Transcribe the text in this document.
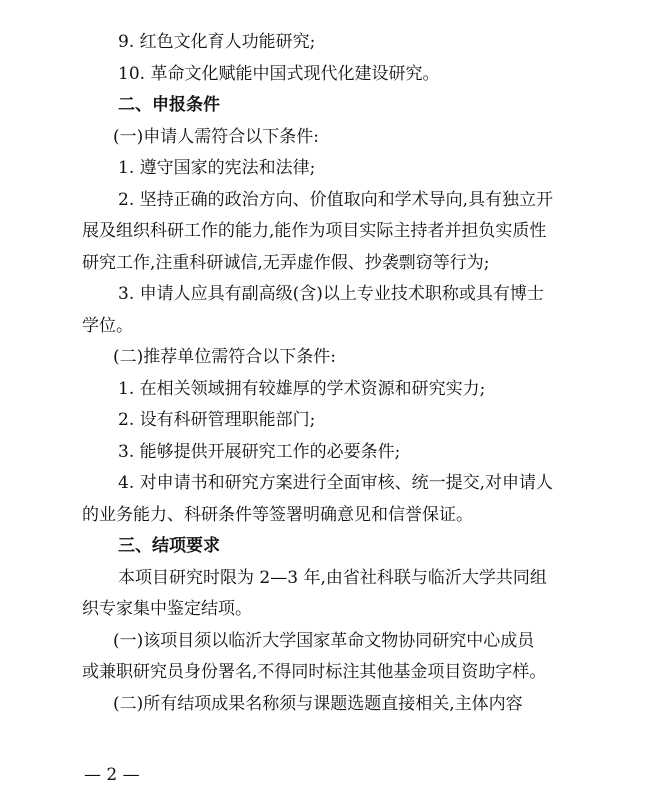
9. 红色文化育人功能研究;
10. 革命文化赋能中国式现代化建设研究。
二、申报条件
(一)申请人需符合以下条件:
1. 遵守国家的宪法和法律;
2. 坚持正确的政治方向、价值取向和学术导向,具有独立开
展及组织科研工作的能力,能作为项目实际主持者并担负实质性
研究工作,注重科研诚信,无弄虚作假、抄袭剽窃等行为;
3. 申请人应具有副高级(含)以上专业技术职称或具有博士
学位。
(二)推荐单位需符合以下条件:
1. 在相关领域拥有较雄厚的学术资源和研究实力;
2. 设有科研管理职能部门;
3. 能够提供开展研究工作的必要条件;
4. 对申请书和研究方案进行全面审核、统一提交,对申请人
的业务能力、科研条件等签署明确意见和信誉保证。
三、结项要求
本项目研究时限为 2—3 年,由省社科联与临沂大学共同组
织专家集中鉴定结项。
(一)该项目须以临沂大学国家革命文物协同研究中心成员
或兼职研究员身份署名,不得同时标注其他基金项目资助字样。
(二)所有结项成果名称须与课题选题直接相关,主体内容
— 2 —
